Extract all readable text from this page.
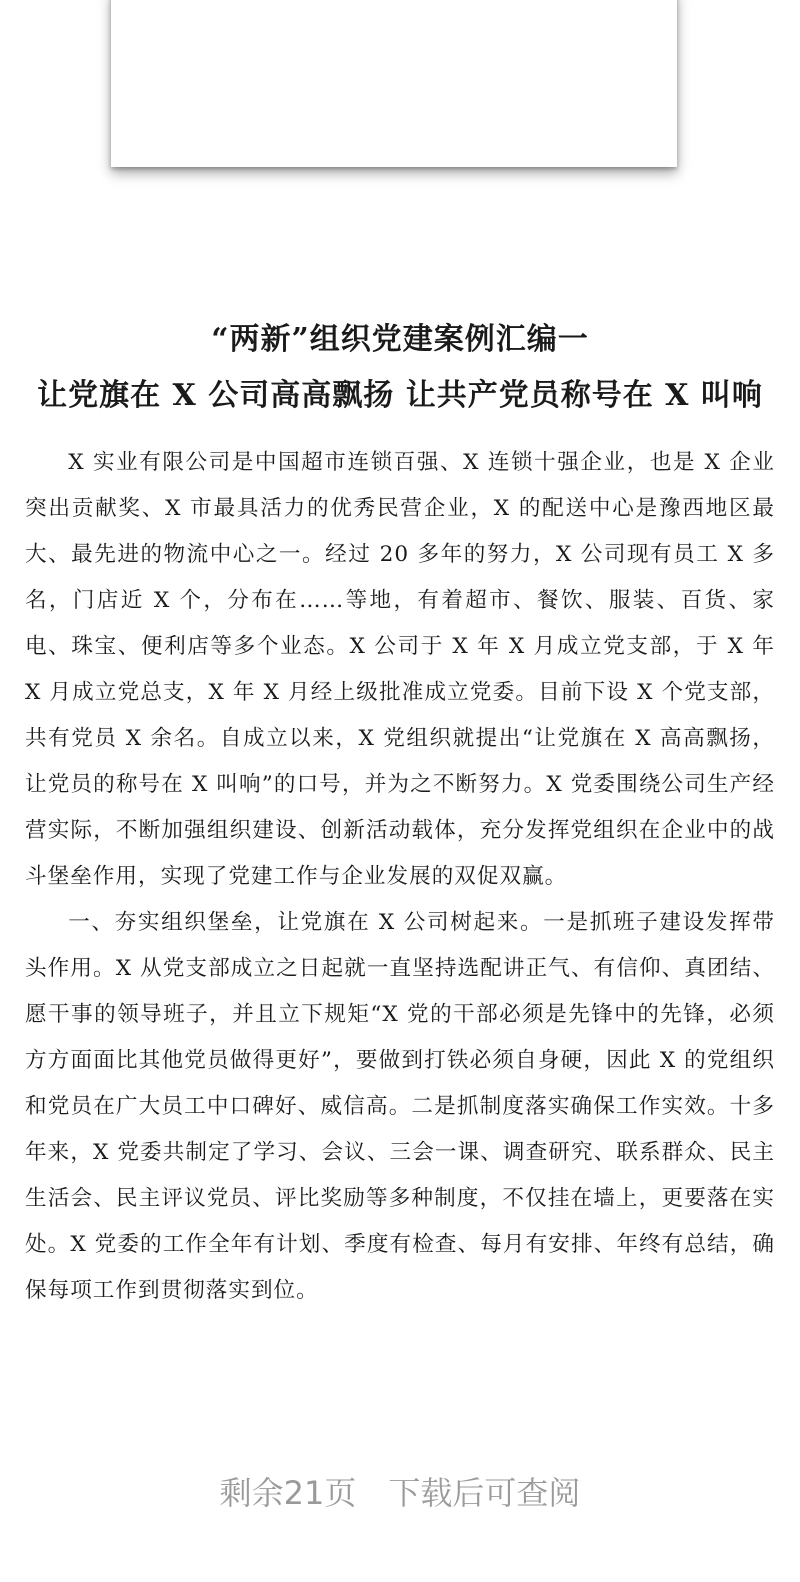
“两新”组织党建案例汇编一
让党旗在 X 公司高高飘扬 让共产党员称号在 X 叫响

X 实业有限公司是中国超市连锁百强、X 连锁十强企业，也是 X 企业突出贡献奖、X 市最具活力的优秀民营企业，X 的配送中心是豫西地区最大、最先进的物流中心之一。经过 20 多年的努力，X 公司现有员工 X 多名，门店近 X 个，分布在……等地，有着超市、餐饮、服装、百货、家电、珠宝、便利店等多个业态。X 公司于 X 年 X 月成立党支部，于 X 年 X 月成立党总支，X 年 X 月经上级批准成立党委。目前下设 X 个党支部，共有党员 X 余名。自成立以来，X 党组织就提出“让党旗在 X 高高飘扬，让党员的称号在 X 叫响”的口号，并为之不断努力。X 党委围绕公司生产经营实际，不断加强组织建设、创新活动载体，充分发挥党组织在企业中的战斗堡垒作用，实现了党建工作与企业发展的双促双赢。

一、夯实组织堡垒，让党旗在 X 公司树起来。一是抓班子建设发挥带头作用。X 从党支部成立之日起就一直坚持选配讲正气、有信仰、真团结、愿干事的领导班子，并且立下规矩“X 党的干部必须是先锋中的先锋，必须方方面面比其他党员做得更好”，要做到打铁必须自身硬，因此 X 的党组织和党员在广大员工中口碑好、威信高。二是抓制度落实确保工作实效。十多年来，X 党委共制定了学习、会议、三会一课、调查研究、联系群众、民主生活会、民主评议党员、评比奖励等多种制度，不仅挂在墙上，更要落在实处。X 党委的工作全年有计划、季度有检查、每月有安排、年终有总结，确保每项工作到贯彻落实到位。

剩余21页 下载后可查阅
